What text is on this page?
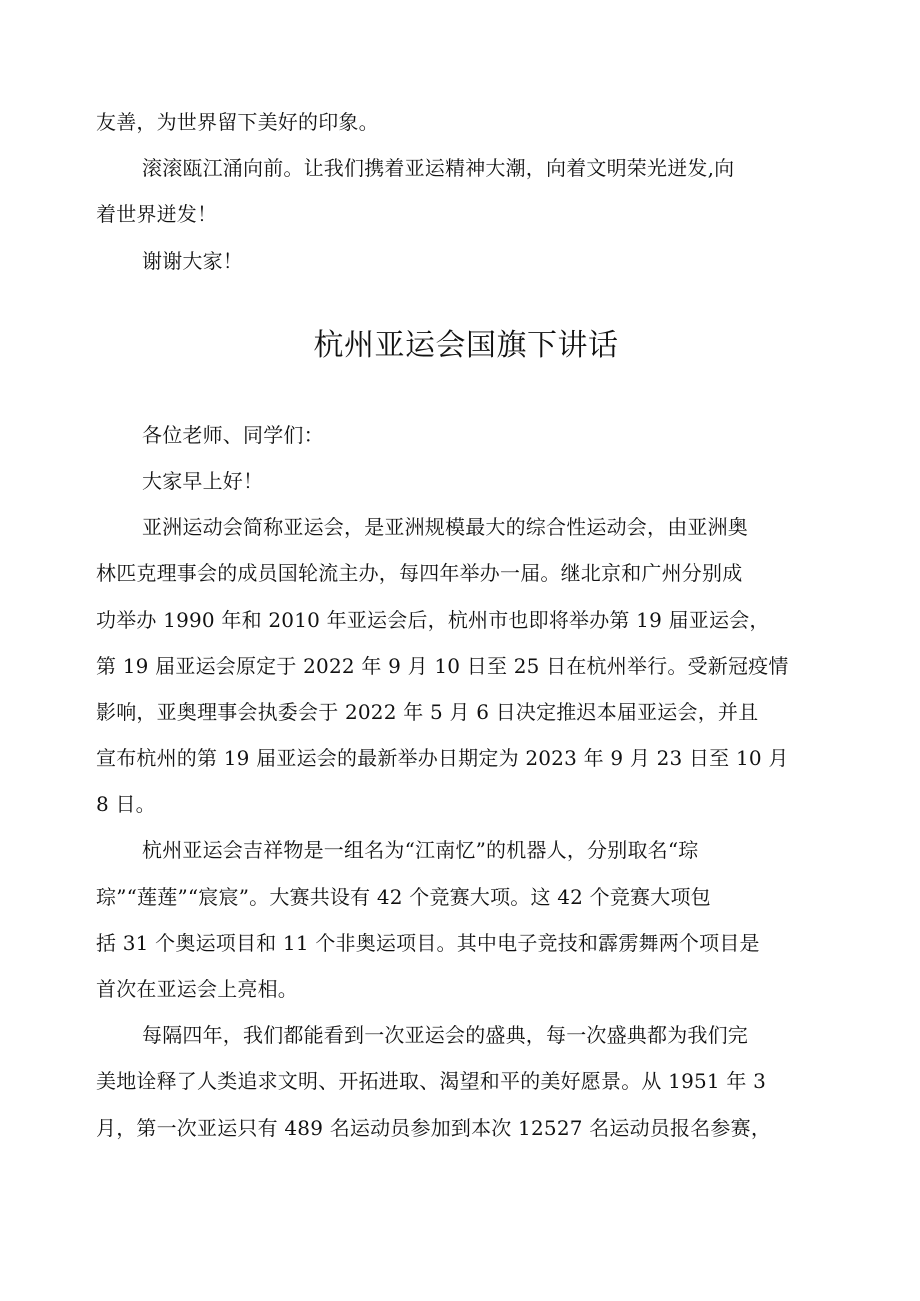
友善，为世界留下美好的印象。
滚滚瓯江涌向前。让我们携着亚运精神大潮，向着文明荣光迸发,向
着世界迸发！
谢谢大家！
杭州亚运会国旗下讲话
各位老师、同学们：
大家早上好！
亚洲运动会简称亚运会，是亚洲规模最大的综合性运动会，由亚洲奥
林匹克理事会的成员国轮流主办，每四年举办一届。继北京和广州分别成
功举办 1990 年和 2010 年亚运会后，杭州市也即将举办第 19 届亚运会，
第 19 届亚运会原定于 2022 年 9 月 10 日至 25 日在杭州举行。受新冠疫情
影响，亚奥理事会执委会于 2022 年 5 月 6 日决定推迟本届亚运会，并且
宣布杭州的第 19 届亚运会的最新举办日期定为 2023 年 9 月 23 日至 10 月
8 日。
杭州亚运会吉祥物是一组名为“江南忆”的机器人，分别取名“琮
琮”“莲莲”“宸宸”。大赛共设有 42 个竞赛大项。这 42 个竞赛大项包
括 31 个奥运项目和 11 个非奥运项目。其中电子竞技和霹雳舞两个项目是
首次在亚运会上亮相。
每隔四年，我们都能看到一次亚运会的盛典，每一次盛典都为我们完
美地诠释了人类追求文明、开拓进取、渴望和平的美好愿景。从 1951 年 3
月，第一次亚运只有 489 名运动员参加到本次 12527 名运动员报名参赛，
